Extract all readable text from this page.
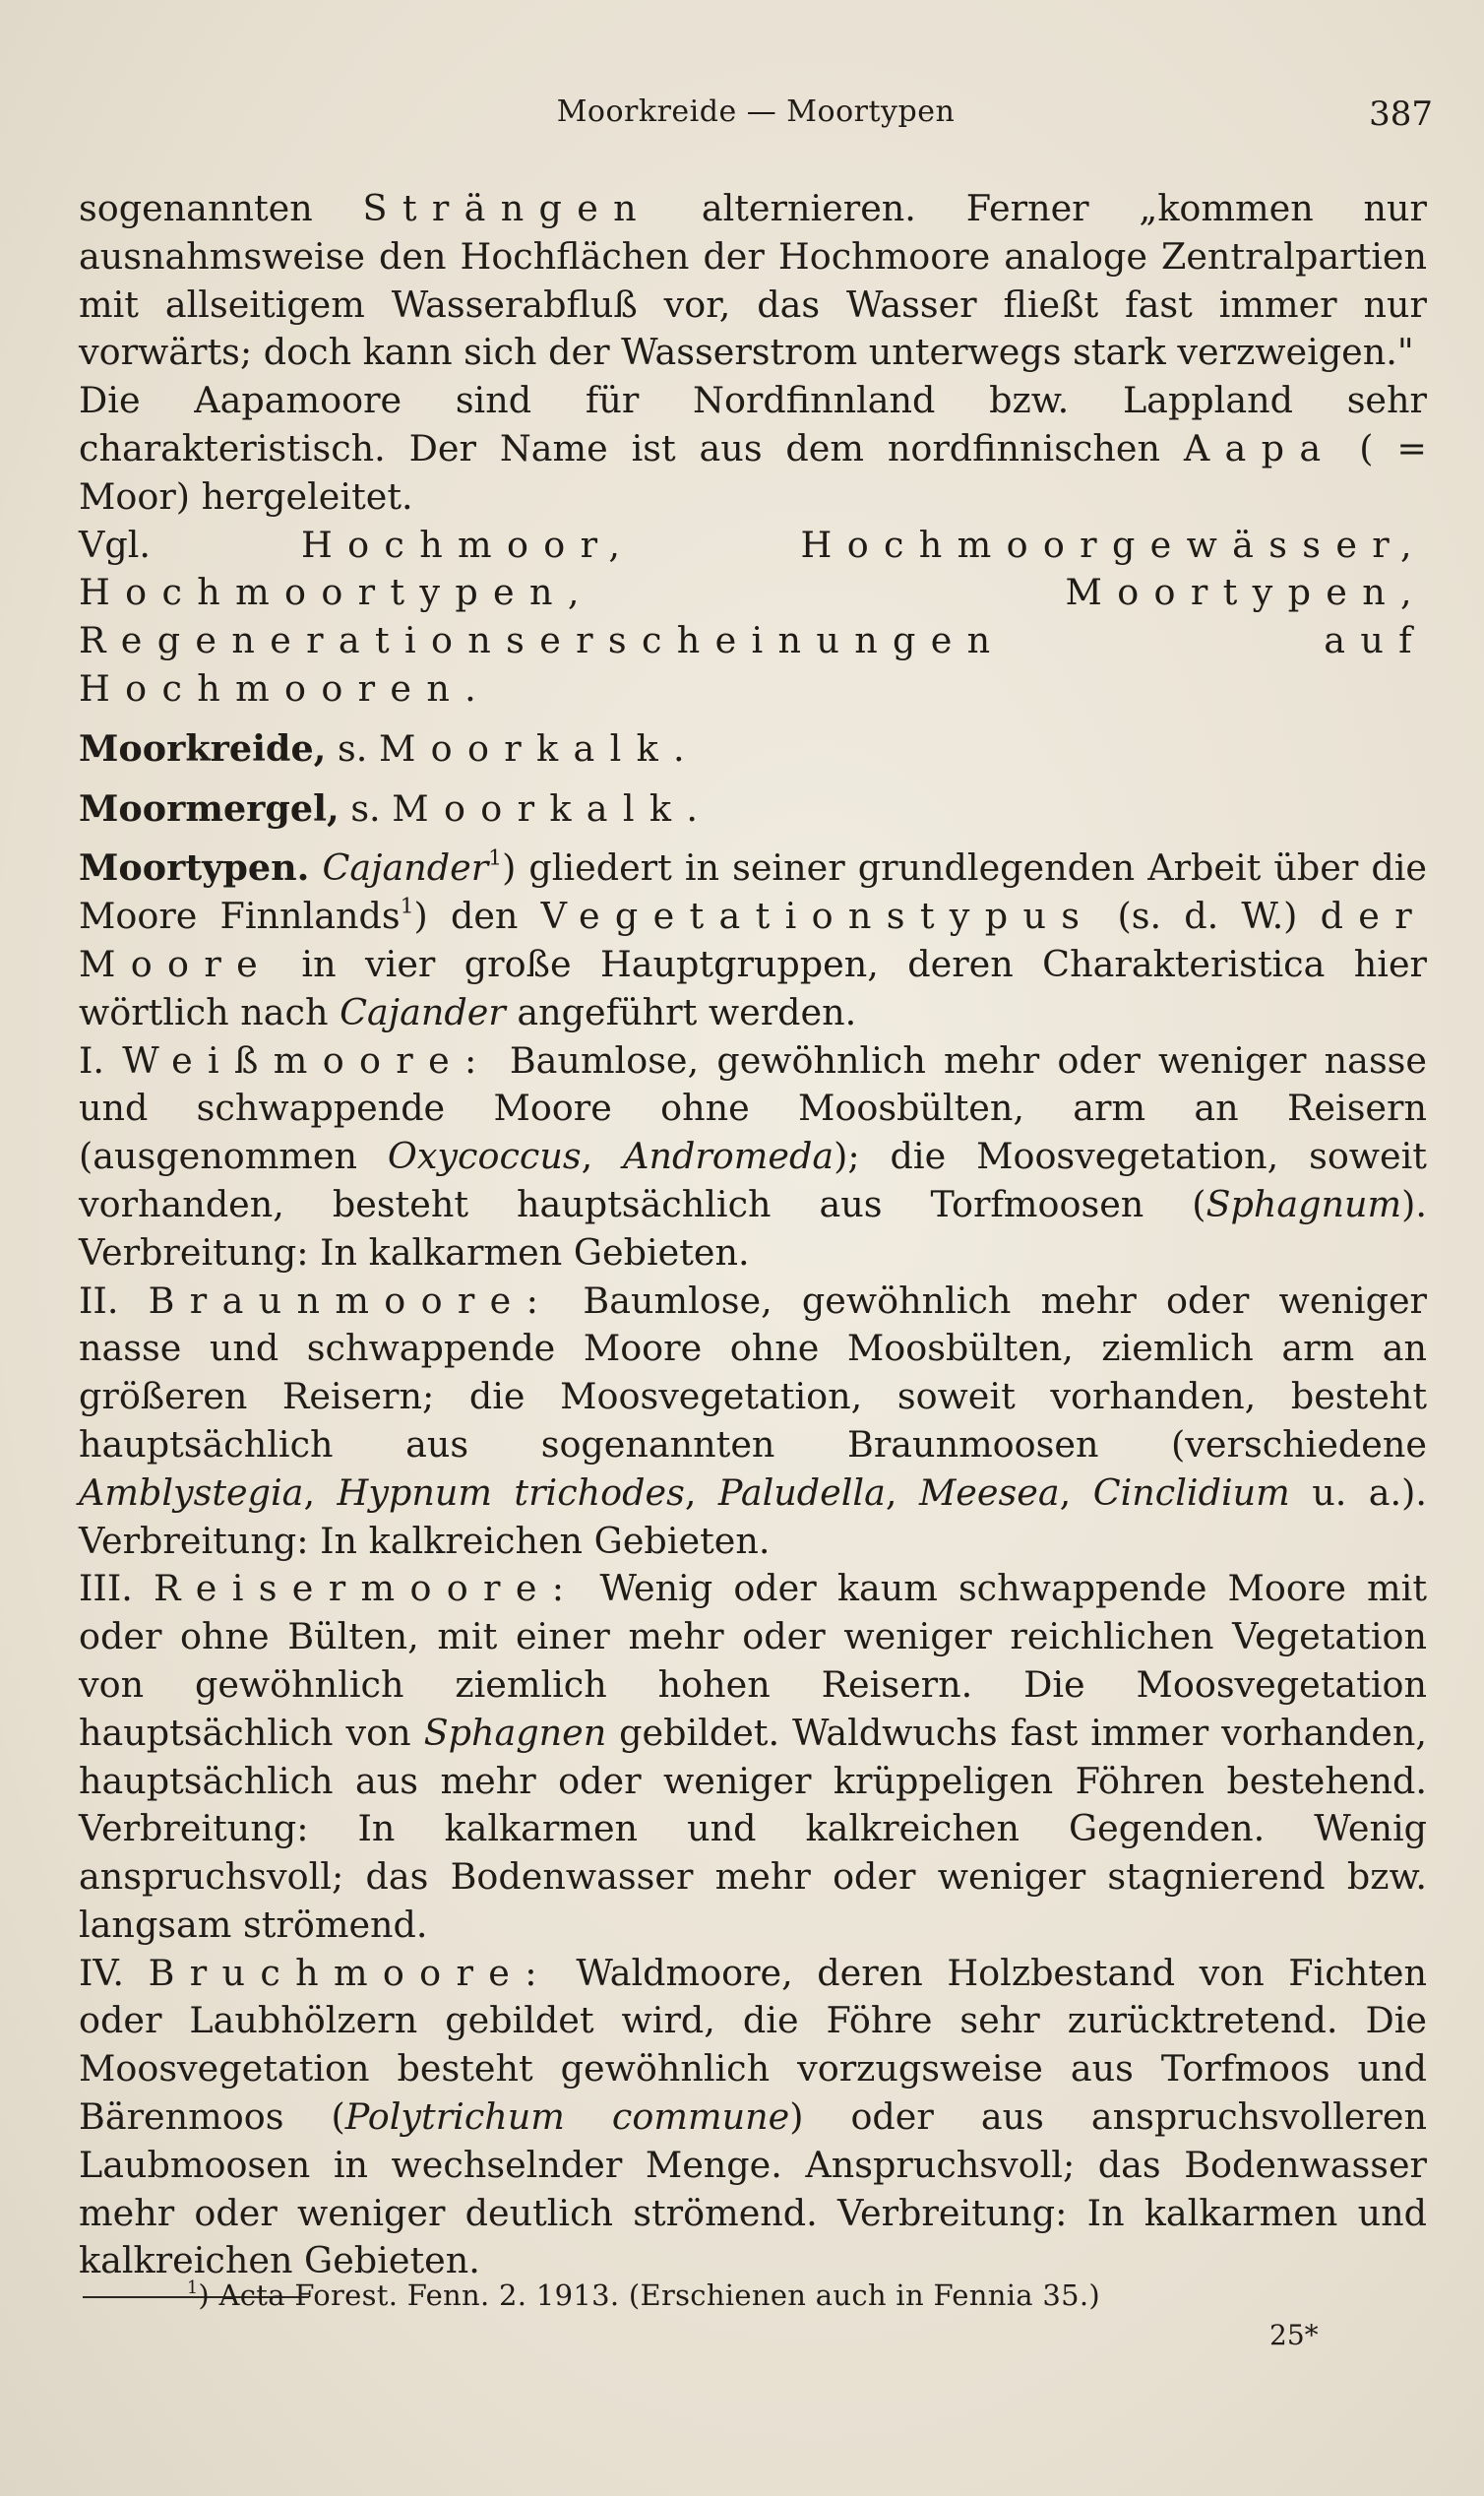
Moorkreide — Moortypen	387

sogenannten Strängen alternieren. Ferner „kommen nur ausnahmsweise den Hochflächen der Hochmoore analoge Zentralpartien mit allseitigem Wasserabfluß vor, das Wasser fließt fast immer nur vorwärts; doch kann sich der Wasserstrom unterwegs stark verzweigen."

Die Aapamoore sind für Nordfinnland bzw. Lappland sehr charakteristisch. Der Name ist aus dem nordfinnischen Aapa ( = Moor) hergeleitet.

Vgl. Hochmoor, Hochmoorgewässer, Hochmoortypen, Moortypen, Regenerationserscheinungen auf Hochmooren.

Moorkreide, s. Moorkalk.

Moormergel, s. Moorkalk.

Moortypen. Cajander$^1$) gliedert in seiner grundlegenden Arbeit über die Moore Finnlands$^1$) den Vegetationstypus (s. d. W.) der Moore in vier große Hauptgruppen, deren Charakteristica hier wörtlich nach Cajander angeführt werden.

I. Weißmoore: Baumlose, gewöhnlich mehr oder weniger nasse und schwappende Moore ohne Moosbülten, arm an Reisern (ausgenommen Oxycoccus, Andromeda); die Moosvegetation, soweit vorhanden, besteht hauptsächlich aus Torfmoosen (Sphagnum). Verbreitung: In kalkarmen Gebieten.

II. Braunmoore: Baumlose, gewöhnlich mehr oder weniger nasse und schwappende Moore ohne Moosbülten, ziemlich arm an größeren Reisern; die Moosvegetation, soweit vorhanden, besteht hauptsächlich aus sogenannten Braunmoosen (verschiedene Amblystegia, Hypnum trichodes, Paludella, Meesea, Cinclidium u. a.). Verbreitung: In kalkreichen Gebieten.

III. Reisermoore: Wenig oder kaum schwappende Moore mit oder ohne Bülten, mit einer mehr oder weniger reichlichen Vegetation von gewöhnlich ziemlich hohen Reisern. Die Moosvegetation hauptsächlich von Sphagnen gebildet. Waldwuchs fast immer vorhanden, hauptsächlich aus mehr oder weniger krüppeligen Föhren bestehend. Verbreitung: In kalkarmen und kalkreichen Gegenden. Wenig anspruchsvoll; das Bodenwasser mehr oder weniger stagnierend bzw. langsam strömend.

IV. Bruchmoore: Waldmoore, deren Holzbestand von Fichten oder Laubhölzern gebildet wird, die Föhre sehr zurücktretend. Die Moosvegetation besteht gewöhnlich vorzugsweise aus Torfmoos und Bärenmoos (Polytrichum commune) oder aus anspruchsvolleren Laubmoosen in wechselnder Menge. Anspruchsvoll; das Bodenwasser mehr oder weniger deutlich strömend. Verbreitung: In kalkarmen und kalkreichen Gebieten.

$^1$) Acta Forest. Fenn. 2. 1913. (Erschienen auch in Fennia 35.)
25*
